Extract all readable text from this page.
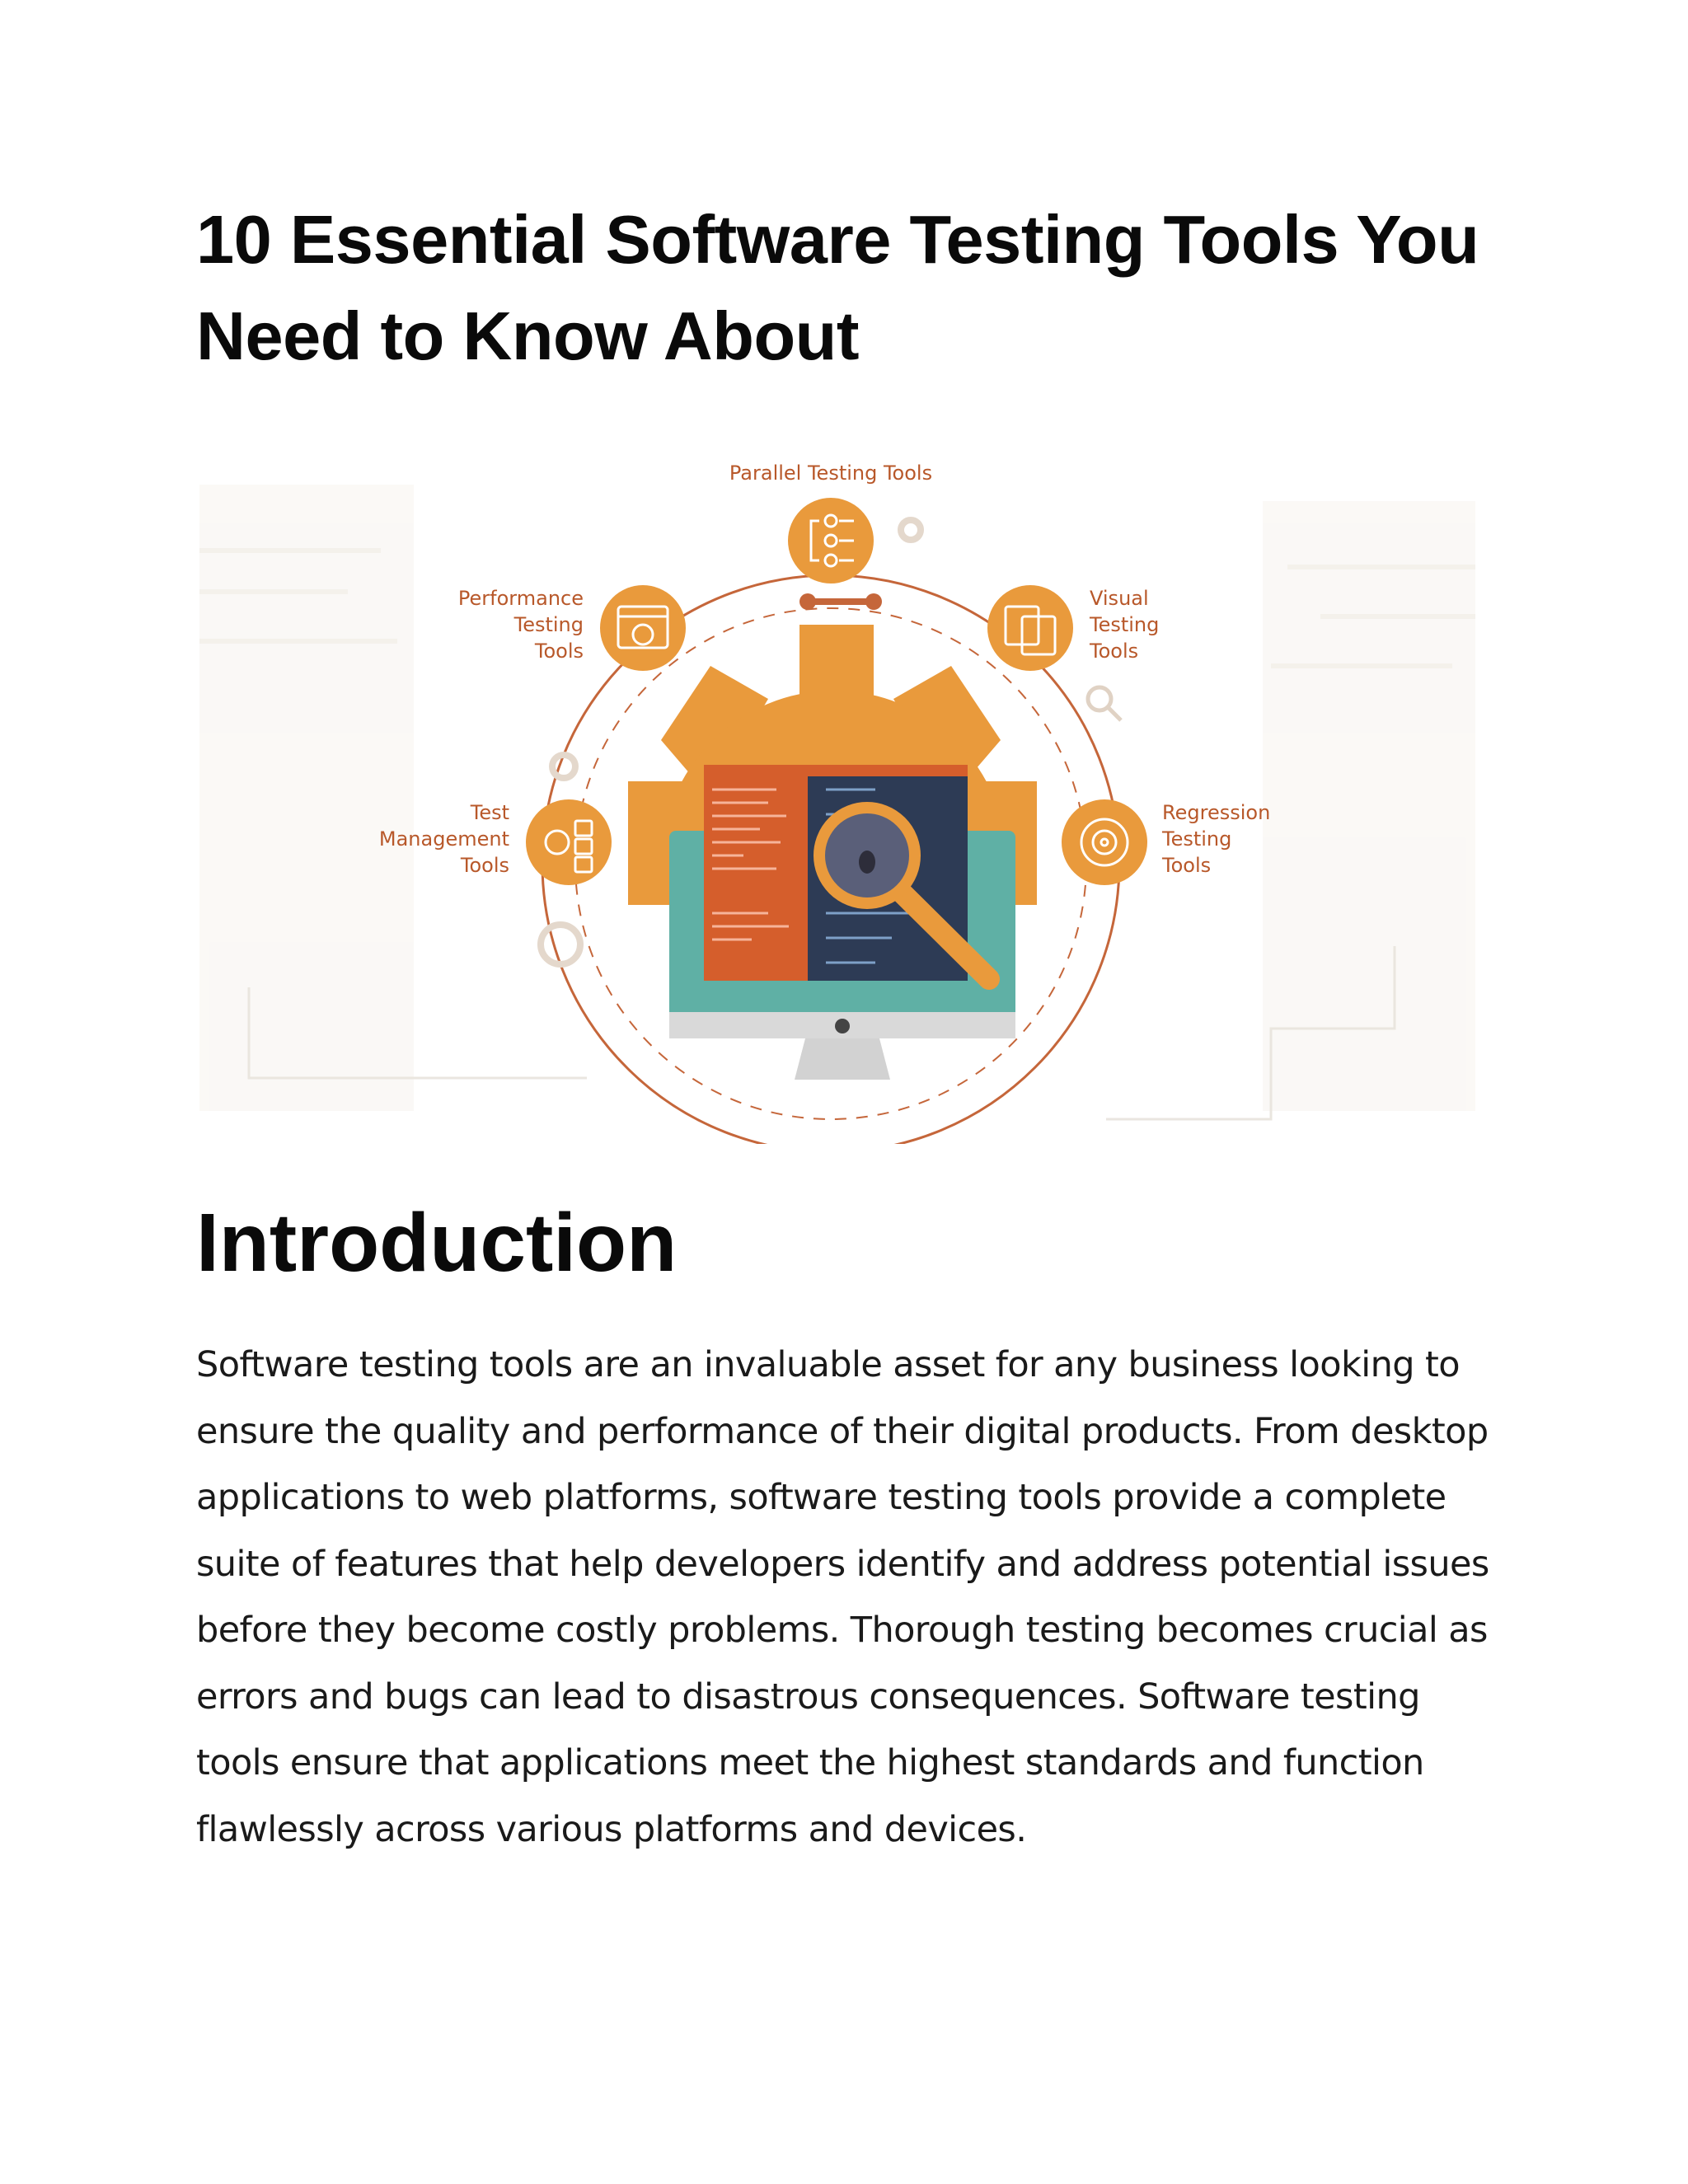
10 Essential Software Testing Tools You Need to Know About
Parallel Testing Tools
Performance
Testing
Tools
Visual
Testing
Tools
Test
Management
Tools
Regression
Testing
Tools
Introduction

Software testing tools are an invaluable asset for any business looking to ensure the quality and performance of their digital products. From desktop applications to web platforms, software testing tools provide a complete suite of features that help developers identify and address potential issues before they become costly problems. Thorough testing becomes crucial as errors and bugs can lead to disastrous consequences. Software testing tools ensure that applications meet the highest standards and function flawlessly across various platforms and devices.
